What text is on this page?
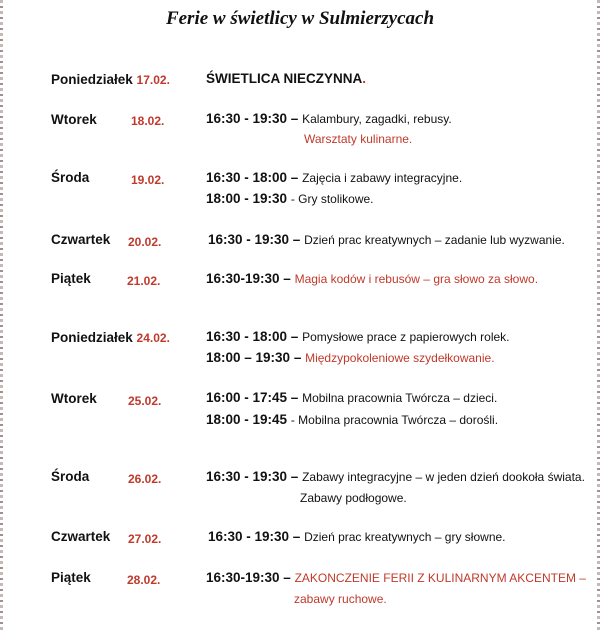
Ferie w świetlicy w Sulmierzycach
Poniedziałek 17.02.	ŚWIETLICA NIECZYNNA.
Wtorek	18.02.	16:30 - 19:30 – Kalambury, zagadki, rebusy.
Warsztaty kulinarne.
Środa	19.02.	16:30 - 18:00 – Zajęcia i zabawy integracyjne.
18:00 - 19:30 - Gry stolikowe.
Czwartek 20.02.	16:30 - 19:30 – Dzień prac kreatywnych – zadanie lub wyzwanie.
Piątek	21.02.	16:30-19:30 – Magia kodów i rebusów – gra słowo za słowo.
Poniedziałek 24.02.	16:30 - 18:00 – Pomysłowe prace z papierowych rolek.
18:00 – 19:30 – Międzypokoleniowe szydełkowanie.
Wtorek	25.02.	16:00 - 17:45 – Mobilna pracownia Twórcza – dzieci.
18:00 - 19:45 - Mobilna pracownia Twórcza – dorośli.
Środa	26.02.	16:30 - 19:30 – Zabawy integracyjne – w jeden dzień dookoła świata.
Zabawy podłogowe.
Czwartek 27.02.	16:30 - 19:30 – Dzień prac kreatywnych – gry słowne.
Piątek	28.02.	16:30-19:30 – ZAKONCZENIE FERII Z KULINARNYM AKCENTEM –
zabawy ruchowe.
